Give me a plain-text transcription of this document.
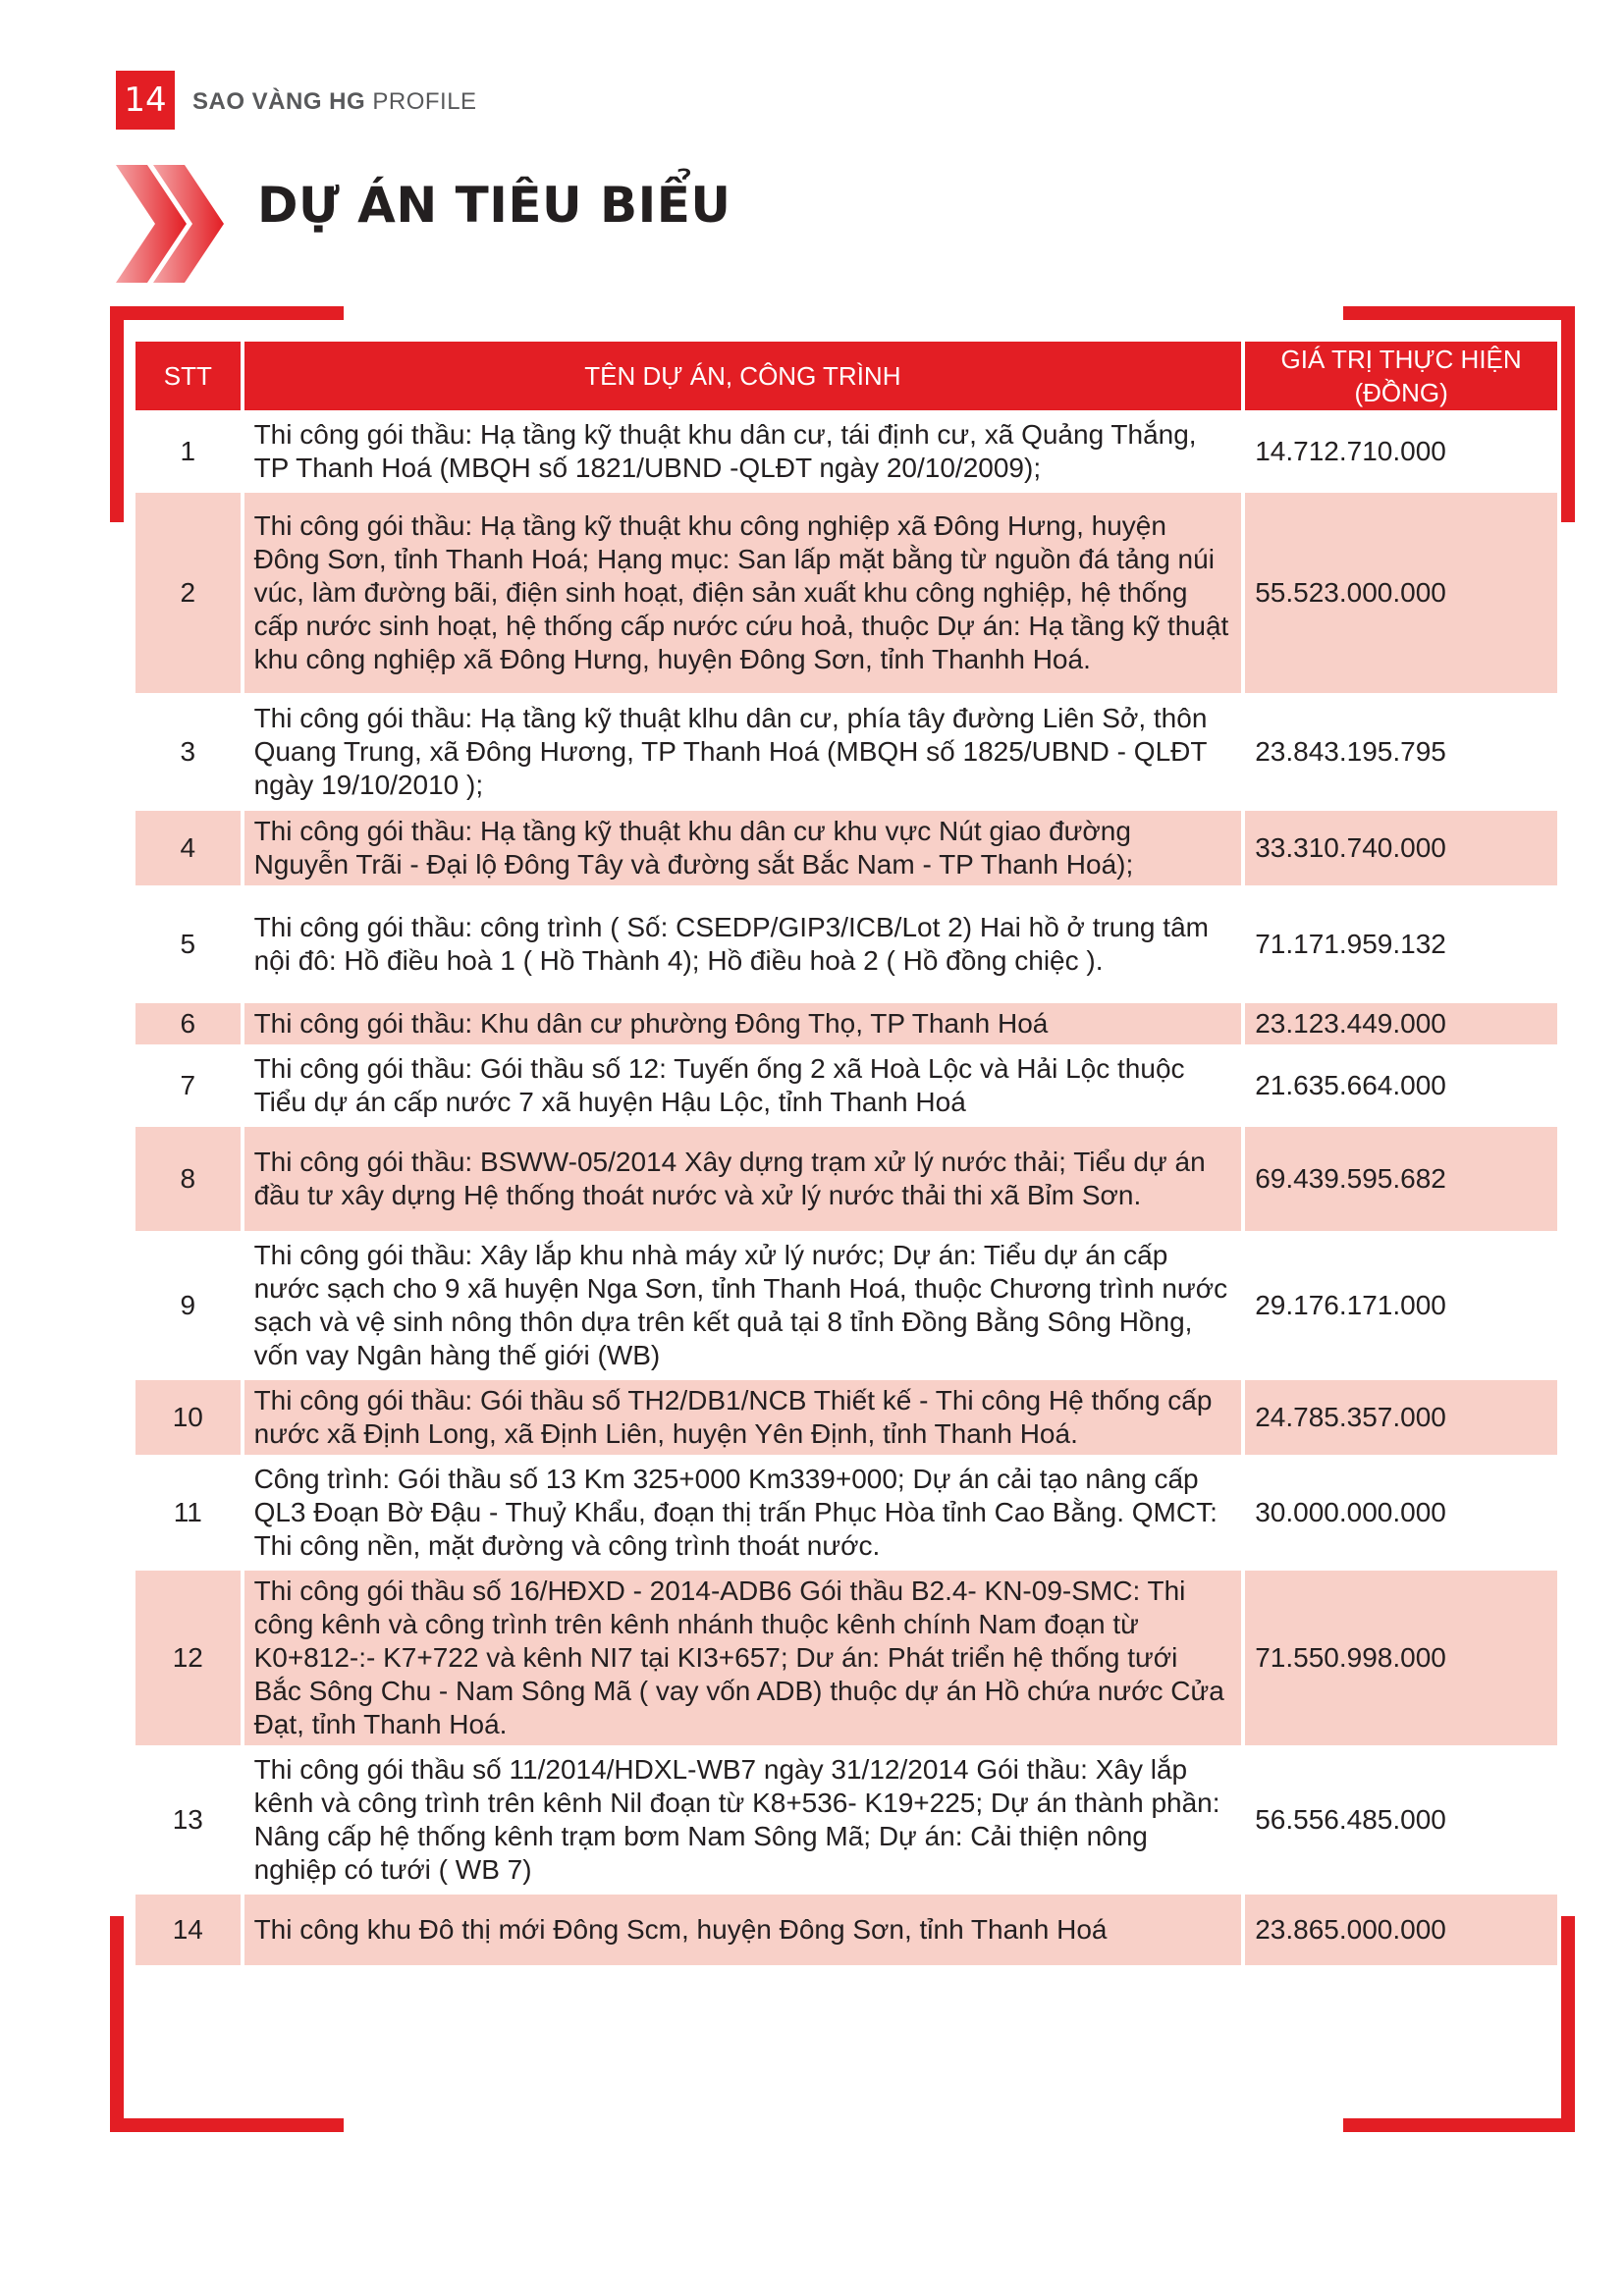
14	SAO VÀNG HG PROFILE
DỰ ÁN TIÊU BIỂU
STT	TÊN DỰ ÁN, CÔNG TRÌNH	GIÁ TRỊ THỰC HIỆN
(ĐỒNG)
1	Thi công gói thầu: Hạ tầng kỹ thuật khu dân cư, tái định cư, xã Quảng Thắng, TP Thanh Hoá (MBQH số 1821/UBND -QLĐT ngày 20/10/2009);	14.712.710.000
2	Thi công gói thầu: Hạ tầng kỹ thuật khu công nghiệp xã Đông Hưng, huyện Đông Sơn, tỉnh Thanh Hoá; Hạng mục: San lấp mặt bằng từ nguồn đá tảng núi vúc, làm đường bãi, điện sinh hoạt, điện sản xuất khu công nghiệp, hệ thống cấp nước sinh hoạt, hệ thống cấp nước cứu hoả, thuộc Dự án: Hạ tầng kỹ thuật khu công nghiệp xã Đông Hưng, huyện Đông Sơn, tỉnh Thanhh Hoá.	55.523.000.000
3	Thi công gói thầu: Hạ tầng kỹ thuật klhu dân cư, phía tây đường Liên Sở, thôn Quang Trung, xã Đông Hương, TP Thanh Hoá (MBQH số 1825/UBND - QLĐT ngày 19/10/2010 );	23.843.195.795
4	Thi công gói thầu: Hạ tầng kỹ thuật khu dân cư khu vực Nút giao đường Nguyễn Trãi - Đại lộ Đông Tây và đường sắt Bắc Nam - TP Thanh Hoá);	33.310.740.000
5	Thi công gói thầu: công trình ( Số: CSEDP/GIP3/ICB/Lot 2) Hai hồ ở trung tâm nội đô: Hồ điều hoà 1 ( Hồ Thành 4); Hồ điều hoà 2 ( Hồ đồng chiệc ).	71.171.959.132
6	Thi công gói thầu: Khu dân cư phường Đông Thọ, TP Thanh Hoá	23.123.449.000
7	Thi công gói thầu: Gói thầu số 12: Tuyến ống 2 xã Hoà Lộc và Hải Lộc thuộc Tiểu dự án cấp nước 7 xã huyện Hậu Lộc, tỉnh Thanh Hoá	21.635.664.000
8	Thi công gói thầu: BSWW-05/2014 Xây dựng trạm xử lý nước thải; Tiểu dự án đầu tư xây dựng Hệ thống thoát nước và xử lý nước thải thi xã Bỉm Sơn.	69.439.595.682
9	Thi công gói thầu: Xây lắp khu nhà máy xử lý nước; Dự án: Tiểu dự án cấp nước sạch cho 9 xã huyện Nga Sơn, tỉnh Thanh Hoá, thuộc Chương trình nước sạch và vệ sinh nông thôn dựa trên kết quả tại 8 tỉnh Đồng Bằng Sông Hồng, vốn vay Ngân hàng thế giới (WB)	29.176.171.000
10	Thi công gói thầu: Gói thầu số TH2/DB1/NCB Thiết kế - Thi công Hệ thống cấp nước xã Định Long, xã Định Liên, huyện Yên Định, tỉnh Thanh Hoá.	24.785.357.000
11	Công trình: Gói thầu số 13 Km 325+000 Km339+000; Dự án cải tạo nâng cấp QL3 Đoạn Bờ Đậu - Thuỷ Khẩu, đoạn thị trấn Phục Hòa tỉnh Cao Bằng. QMCT: Thi công nền, mặt đường và công trình thoát nước.	30.000.000.000
12	Thi công gói thầu số 16/HĐXD - 2014-ADB6 Gói thầu B2.4- KN-09-SMC: Thi công kênh và công trình trên kênh nhánh thuộc kênh chính Nam đoạn từ K0+812-:- K7+722 và kênh NI7 tại KI3+657; Dư án: Phát triển hệ thống tưới Bắc Sông Chu - Nam Sông Mã ( vay vốn ADB) thuộc dự án Hồ chứa nước Cửa Đạt, tỉnh Thanh Hoá.	71.550.998.000
13	Thi công gói thầu số 11/2014/HDXL-WB7 ngày 31/12/2014 Gói thầu: Xây lắp kênh và công trình trên kênh Nil đoạn từ K8+536- K19+225; Dự án thành phần: Nâng cấp hệ thống kênh trạm bơm Nam Sông Mã; Dự án: Cải thiện nông nghiệp có tưới ( WB 7)	56.556.485.000
14	Thi công khu Đô thị mới Đông Scm, huyện Đông Sơn, tỉnh Thanh Hoá	23.865.000.000
